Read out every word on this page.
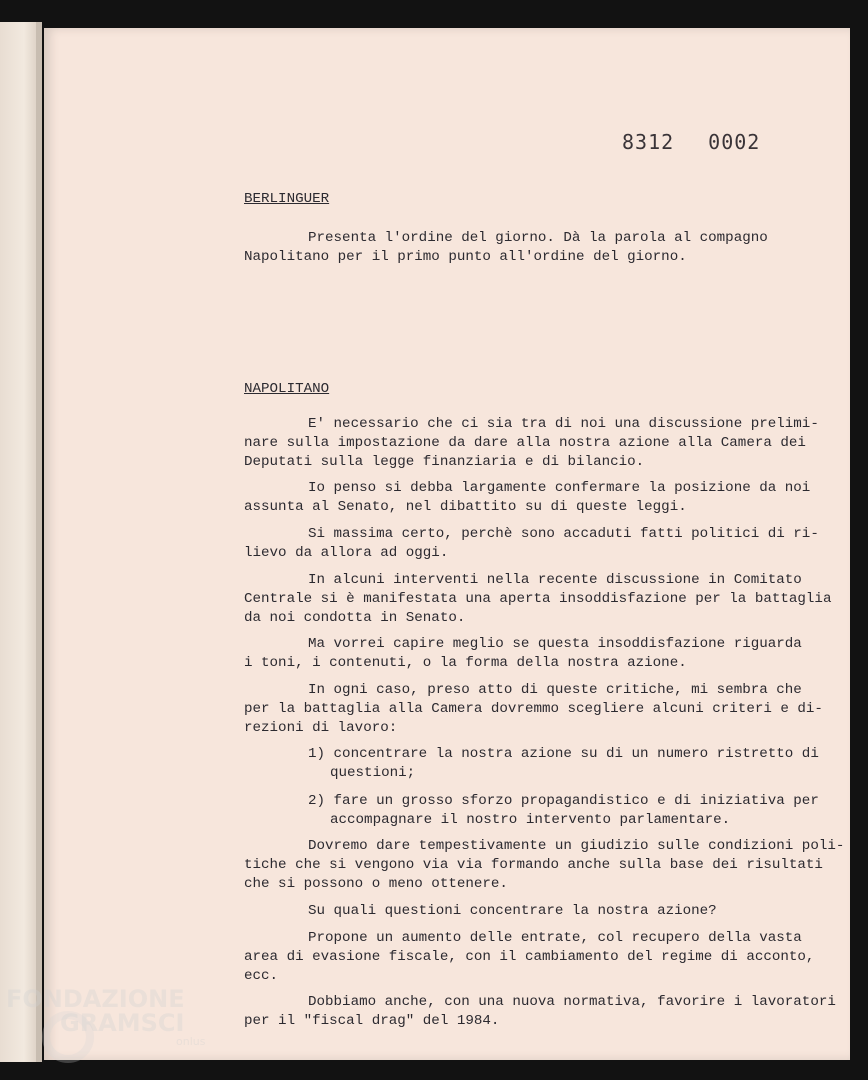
8312 0002
BERLINGUER
Presenta l'ordine del giorno. Dà la parola al compagno
Napolitano per il primo punto all'ordine del giorno.
NAPOLITANO
E' necessario che ci sia tra di noi una discussione prelimi-
nare sulla impostazione da dare alla nostra azione alla Camera dei
Deputati sulla legge finanziaria e di bilancio.
Io penso si debba largamente confermare la posizione da noi
assunta al Senato, nel dibattito su di queste leggi.
Si massima certo, perchè sono accaduti fatti politici di ri-
lievo da allora ad oggi.
In alcuni interventi nella recente discussione in Comitato
Centrale si è manifestata una aperta insoddisfazione per la battaglia
da noi condotta in Senato.
Ma vorrei capire meglio se questa insoddisfazione riguarda
i toni, i contenuti, o la forma della nostra azione.
In ogni caso, preso atto di queste critiche, mi sembra che
per la battaglia alla Camera dovremmo scegliere alcuni criteri e di-
rezioni di lavoro:
1) concentrare la nostra azione su di un numero ristretto di
questioni;
2) fare un grosso sforzo propagandistico e di iniziativa per
accompagnare il nostro intervento parlamentare.
Dovremo dare tempestivamente un giudizio sulle condizioni poli-
tiche che si vengono via via formando anche sulla base dei risultati
che si possono o meno ottenere.
Su quali questioni concentrare la nostra azione?
Propone un aumento delle entrate, col recupero della vasta
area di evasione fiscale, con il cambiamento del regime di acconto,
ecc.
Dobbiamo anche, con una nuova normativa, favorire i lavoratori
per il "fiscal drag" del 1984.
FONDAZIONE
GRAMSCI
onlus
